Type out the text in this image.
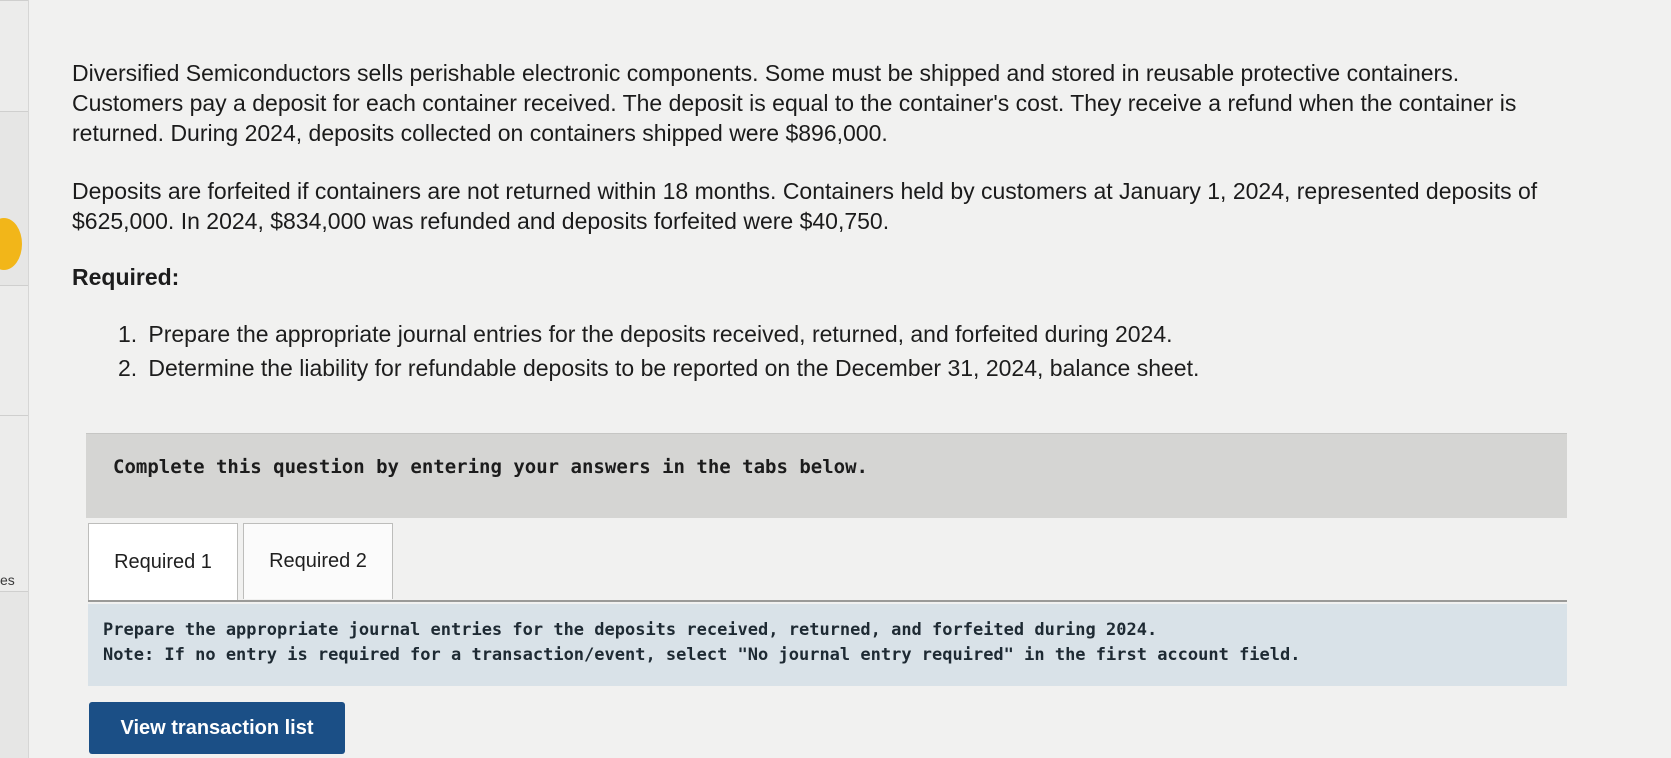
es

Diversified Semiconductors sells perishable electronic components. Some must be shipped and stored in reusable protective containers. Customers pay a deposit for each container received. The deposit is equal to the container's cost. They receive a refund when the container is returned. During 2024, deposits collected on containers shipped were $896,000.

Deposits are forfeited if containers are not returned within 18 months. Containers held by customers at January 1, 2024, represented deposits of $625,000. In 2024, $834,000 was refunded and deposits forfeited were $40,750.

Required:
1. Prepare the appropriate journal entries for the deposits received, returned, and forfeited during 2024.
2. Determine the liability for refundable deposits to be reported on the December 31, 2024, balance sheet.
Complete this question by entering your answers in the tabs below.
Required 1	Required 2
Prepare the appropriate journal entries for the deposits received, returned, and forfeited during 2024.
Note: If no entry is required for a transaction/event, select "No journal entry required" in the first account field.
View transaction list
